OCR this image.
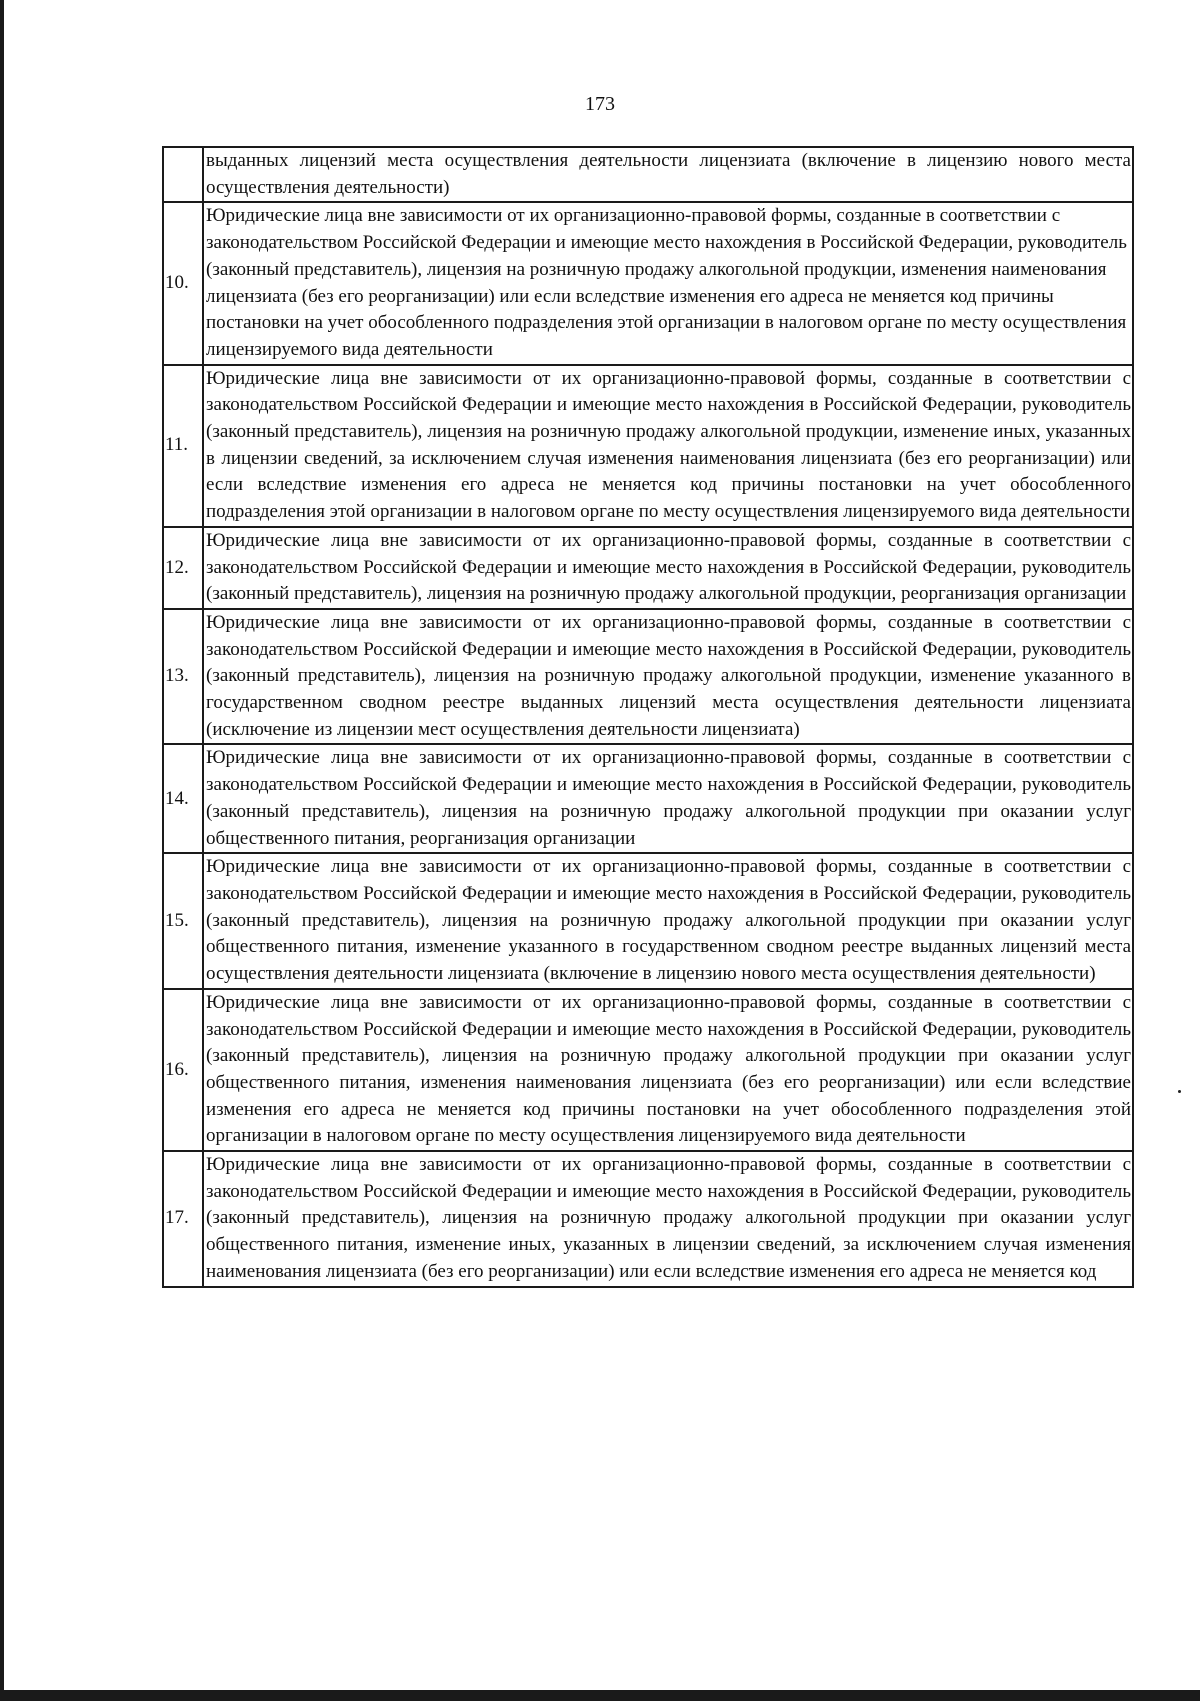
173
	выданных лицензий места осуществления деятельности лицензиата (включение в лицензию нового места осуществления деятельности)
10.	Юридические лица вне зависимости от их организационно-правовой формы, созданные в соответствии с законодательством Российской Федерации и имеющие место нахождения в Российской Федерации, руководитель (законный представитель), лицензия на розничную продажу алкогольной продукции, изменения наименования лицензиата (без его реорганизации) или если вследствие изменения его адреса не меняется код причины постановки на учет обособленного подразделения этой организации в налоговом органе по месту осуществления лицензируемого вида деятельности
11.	Юридические лица вне зависимости от их организационно-правовой формы, созданные в соответствии с законодательством Российской Федерации и имеющие место нахождения в Российской Федерации, руководитель (законный представитель), лицензия на розничную продажу алкогольной продукции, изменение иных, указанных в лицензии сведений, за исключением случая изменения наименования лицензиата (без его реорганизации) или если вследствие изменения его адреса не меняется код причины постановки на учет обособленного подразделения этой организации в налоговом органе по месту осуществления лицензируемого вида деятельности
12.	Юридические лица вне зависимости от их организационно-правовой формы, созданные в соответствии с законодательством Российской Федерации и имеющие место нахождения в Российской Федерации, руководитель (законный представитель), лицензия на розничную продажу алкогольной продукции, реорганизация организации
13.	Юридические лица вне зависимости от их организационно-правовой формы, созданные в соответствии с законодательством Российской Федерации и имеющие место нахождения в Российской Федерации, руководитель (законный представитель), лицензия на розничную продажу алкогольной продукции, изменение указанного в государственном сводном реестре выданных лицензий места осуществления деятельности лицензиата (исключение из лицензии мест осуществления деятельности лицензиата)
14.	Юридические лица вне зависимости от их организационно-правовой формы, созданные в соответствии с законодательством Российской Федерации и имеющие место нахождения в Российской Федерации, руководитель (законный представитель), лицензия на розничную продажу алкогольной продукции при оказании услуг общественного питания, реорганизация организации
15.	Юридические лица вне зависимости от их организационно-правовой формы, созданные в соответствии с законодательством Российской Федерации и имеющие место нахождения в Российской Федерации, руководитель (законный представитель), лицензия на розничную продажу алкогольной продукции при оказании услуг общественного питания, изменение указанного в государственном сводном реестре выданных лицензий места осуществления деятельности лицензиата (включение в лицензию нового места осуществления деятельности)
16.	Юридические лица вне зависимости от их организационно-правовой формы, созданные в соответствии с законодательством Российской Федерации и имеющие место нахождения в Российской Федерации, руководитель (законный представитель), лицензия на розничную продажу алкогольной продукции при оказании услуг общественного питания, изменения наименования лицензиата (без его реорганизации) или если вследствие изменения его адреса не меняется код причины постановки на учет обособленного подразделения этой организации в налоговом органе по месту осуществления лицензируемого вида деятельности
17.	Юридические лица вне зависимости от их организационно-правовой формы, созданные в соответствии с законодательством Российской Федерации и имеющие место нахождения в Российской Федерации, руководитель (законный представитель), лицензия на розничную продажу алкогольной продукции при оказании услуг общественного питания, изменение иных, указанных в лицензии сведений, за исключением случая изменения наименования лицензиата (без его реорганизации) или если вследствие изменения его адреса не меняется код
